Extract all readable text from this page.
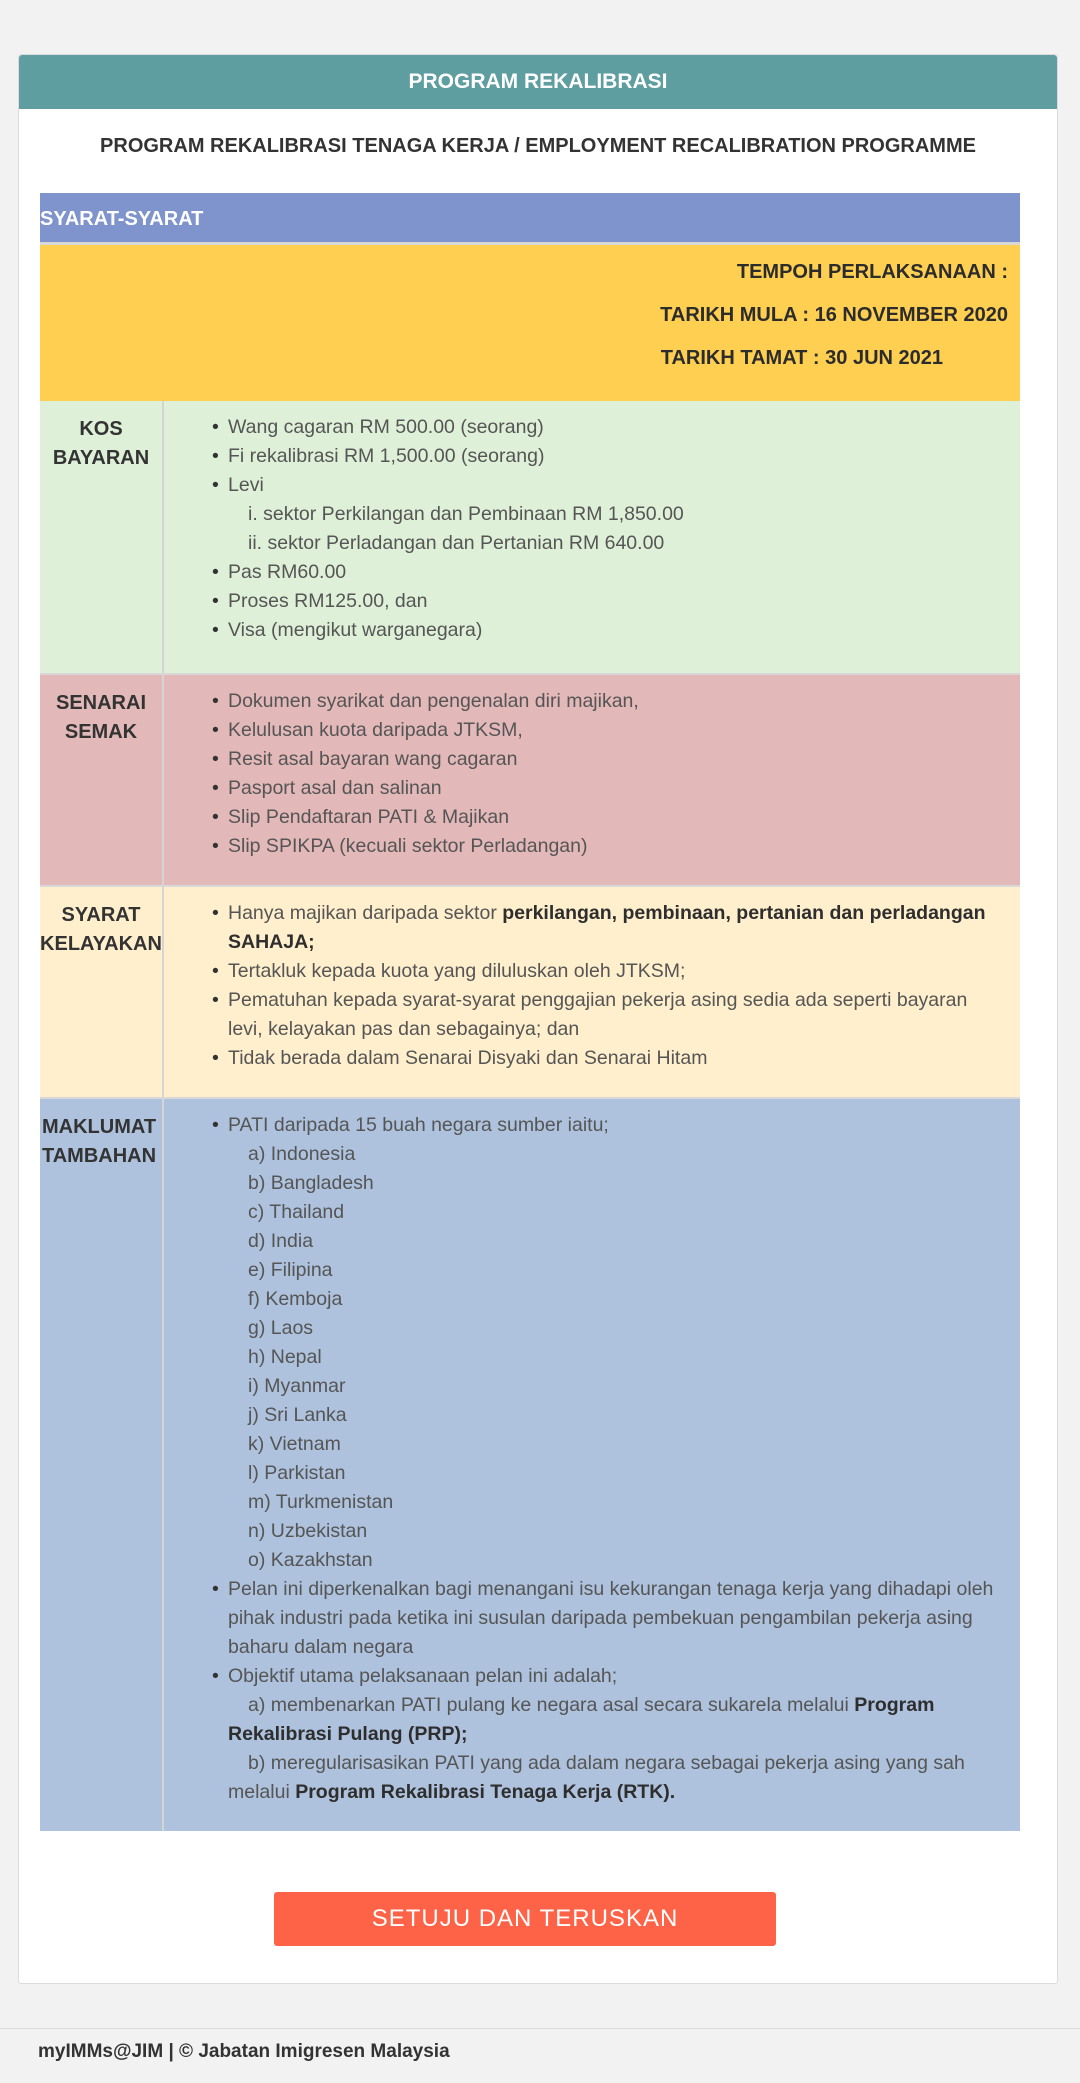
PROGRAM REKALIBRASI
PROGRAM REKALIBRASI TENAGA KERJA / EMPLOYMENT RECALIBRATION PROGRAMME
SYARAT-SYARAT
TEMPOH PERLAKSANAAN :
TARIKH MULA : 16 NOVEMBER 2020
TARIKH TAMAT : 30 JUN 2021
KOS
BAYARAN
• Wang cagaran RM 500.00 (seorang)
• Fi rekalibrasi RM 1,500.00 (seorang)
• Levi
i. sektor Perkilangan dan Pembinaan RM 1,850.00
ii. sektor Perladangan dan Pertanian RM 640.00
• Pas RM60.00
• Proses RM125.00, dan
• Visa (mengikut warganegara)
SENARAI
SEMAK
• Dokumen syarikat dan pengenalan diri majikan,
• Kelulusan kuota daripada JTKSM,
• Resit asal bayaran wang cagaran
• Pasport asal dan salinan
• Slip Pendaftaran PATI & Majikan
• Slip SPIKPA (kecuali sektor Perladangan)
SYARAT
KELAYAKAN
• Hanya majikan daripada sektor perkilangan, pembinaan, pertanian dan perladangan SAHAJA;
• Tertakluk kepada kuota yang diluluskan oleh JTKSM;
• Pematuhan kepada syarat-syarat penggajian pekerja asing sedia ada seperti bayaran levi, kelayakan pas dan sebagainya; dan
• Tidak berada dalam Senarai Disyaki dan Senarai Hitam
MAKLUMAT
TAMBAHAN
• PATI daripada 15 buah negara sumber iaitu;
a) Indonesia
b) Bangladesh
c) Thailand
d) India
e) Filipina
f) Kemboja
g) Laos
h) Nepal
i) Myanmar
j) Sri Lanka
k) Vietnam
l) Parkistan
m) Turkmenistan
n) Uzbekistan
o) Kazakhstan
• Pelan ini diperkenalkan bagi menangani isu kekurangan tenaga kerja yang dihadapi oleh pihak industri pada ketika ini susulan daripada pembekuan pengambilan pekerja asing baharu dalam negara
• Objektif utama pelaksanaan pelan ini adalah;
a) membenarkan PATI pulang ke negara asal secara sukarela melalui Program Rekalibrasi Pulang (PRP);
b) meregularisasikan PATI yang ada dalam negara sebagai pekerja asing yang sah melalui Program Rekalibrasi Tenaga Kerja (RTK).
SETUJU DAN TERUSKAN
myIMMs@JIM | © Jabatan Imigresen Malaysia
